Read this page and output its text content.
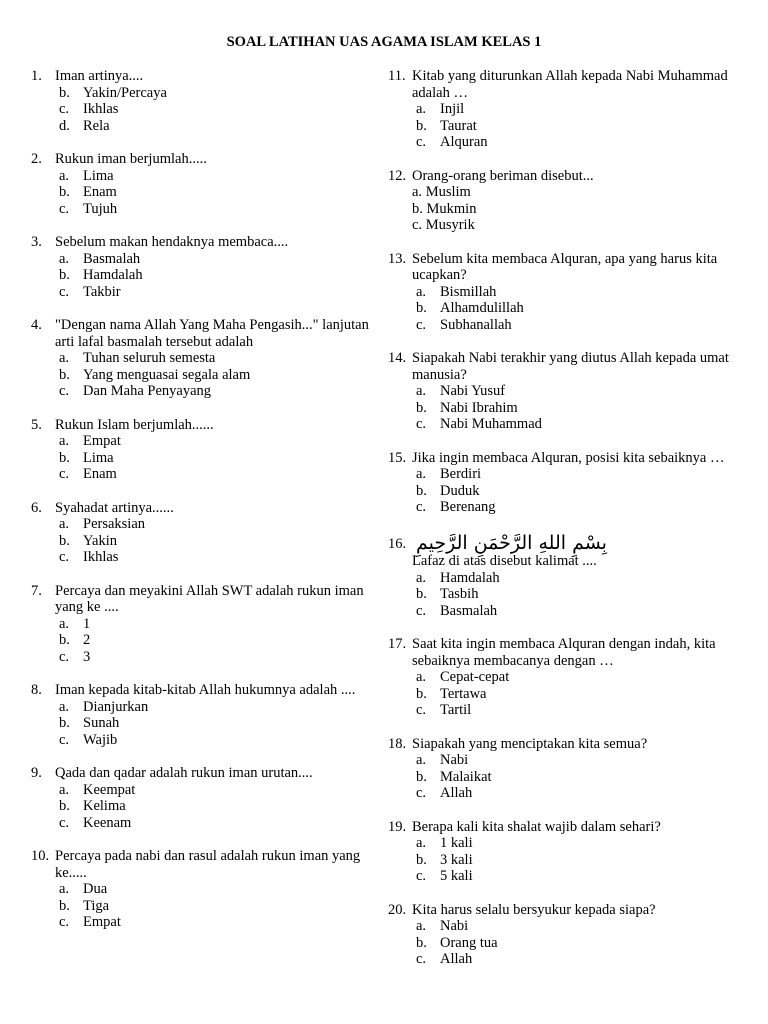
SOAL LATIHAN UAS AGAMA ISLAM KELAS 1
1. Iman artinya....
b. Yakin/Percaya
c. Ikhlas
d. Rela
2. Rukun iman berjumlah.....
a. Lima
b. Enam
c. Tujuh
3. Sebelum makan hendaknya membaca....
a. Basmalah
b. Hamdalah
c. Takbir
4. "Dengan nama Allah Yang Maha Pengasih..." lanjutan arti lafal basmalah tersebut adalah
a. Tuhan seluruh semesta
b. Yang menguasai segala alam
c. Dan Maha Penyayang
5. Rukun Islam berjumlah......
a. Empat
b. Lima
c. Enam
6. Syahadat artinya......
a. Persaksian
b. Yakin
c. Ikhlas
7. Percaya dan meyakini Allah SWT adalah rukun iman yang ke ....
a. 1
b. 2
c. 3
8. Iman kepada kitab-kitab Allah hukumnya adalah ....
a. Dianjurkan
b. Sunah
c. Wajib
9. Qada dan qadar adalah rukun iman urutan....
a. Keempat
b. Kelima
c. Keenam
10. Percaya pada nabi dan rasul adalah rukun iman yang ke.....
a. Dua
b. Tiga
c. Empat
11. Kitab yang diturunkan Allah kepada Nabi Muhammad adalah …
a. Injil
b. Taurat
c. Alquran
12. Orang-orang beriman disebut...
a. Muslim
b. Mukmin
c. Musyrik
13. Sebelum kita membaca Alquran, apa yang harus kita ucapkan?
a. Bismillah
b. Alhamdulillah
c. Subhanallah
14. Siapakah Nabi terakhir yang diutus Allah kepada umat manusia?
a. Nabi Yusuf
b. Nabi Ibrahim
c. Nabi Muhammad
15. Jika ingin membaca Alquran, posisi kita sebaiknya …
a. Berdiri
b. Duduk
c. Berenang
16. بِسْمِ اللهِ الرَّحْمَنِ الرَّحِيمِ
Lafaz di atas disebut kalimat ....
a. Hamdalah
b. Tasbih
c. Basmalah
17. Saat kita ingin membaca Alquran dengan indah, kita sebaiknya membacanya dengan …
a. Cepat-cepat
b. Tertawa
c. Tartil
18. Siapakah yang menciptakan kita semua?
a. Nabi
b. Malaikat
c. Allah
19. Berapa kali kita shalat wajib dalam sehari?
a. 1 kali
b. 3 kali
c. 5 kali
20. Kita harus selalu bersyukur kepada siapa?
a. Nabi
b. Orang tua
c. Allah
